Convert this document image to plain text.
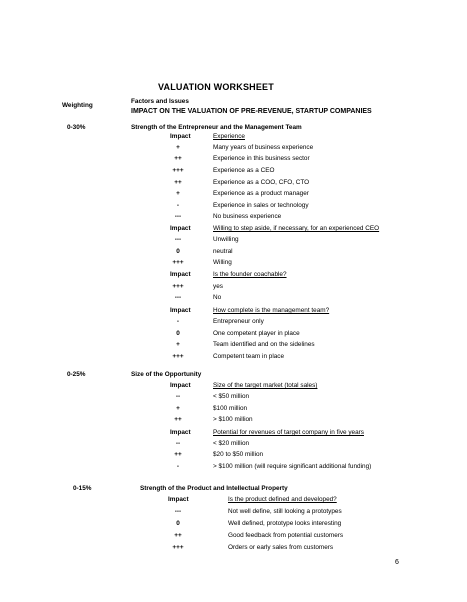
VALUATION WORKSHEET
Weighting
Factors and Issues
IMPACT ON THE VALUATION OF PRE-REVENUE, STARTUP COMPANIES
0-30%	Strength of the Entrepreneur and the Management Team
Impact	Experience
+	Many years of business experience
++	Experience in this business sector
+++	Experience as a CEO
++	Experience as a COO, CFO, CTO
+	Experience as a product manager
-	Experience in sales or technology
---	No business experience
Impact	Willing to step aside, if necessary, for an experienced CEO
---	Unwilling
0	neutral
+++	Willing
Impact	Is the founder coachable?
+++	yes
---	No
Impact	How complete is the management team?
-	Entrepreneur only
0	One competent player in place
+	Team identified and on the sidelines
+++	Competent team in place
0-25%	Size of the Opportunity
Impact	Size of the target market (total sales)
--	< $50 million
+	$100 million
++	> $100 million
Impact	Potential for revenues of target company in five years
--	< $20 million
++	$20 to $50 million
-	> $100 million (will require significant additional funding)
0-15%	Strength of the Product and Intellectual Property
Impact	Is the product defined and developed?
---	Not well define, still looking a prototypes
0	Well defined, prototype looks interesting
++	Good feedback from potential customers
+++	Orders or early sales from customers
6
